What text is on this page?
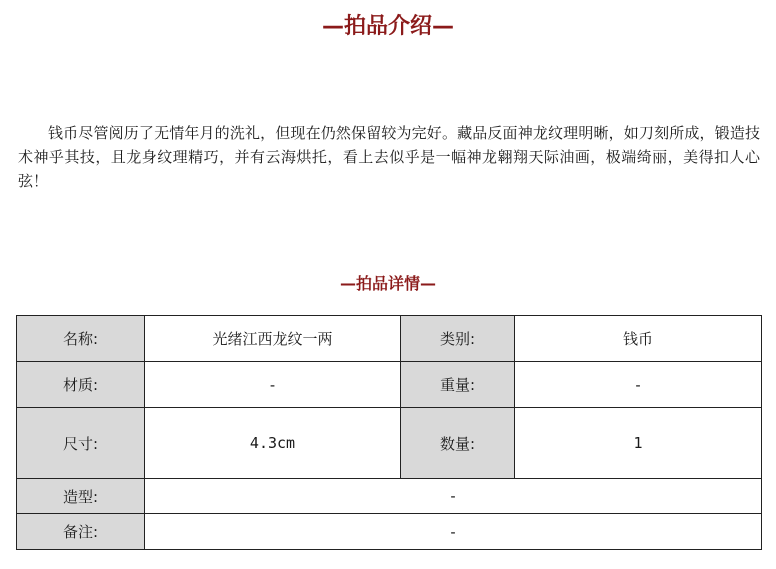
—拍品介绍—

钱币尽管阅历了无情年月的洗礼，但现在仍然保留较为完好。藏品反面神龙纹理明晰，如刀刻所成，锻造技术神乎其技，且龙身纹理精巧，并有云海烘托，看上去似乎是一幅神龙翱翔天际油画，极端绮丽，美得扣人心弦！

—拍品详情—
名称:	光绪江西龙纹一两	类别:	钱币
材质:	-	重量:	-
尺寸:	4.3cm	数量:	1
造型:	-		
备注:	-		
